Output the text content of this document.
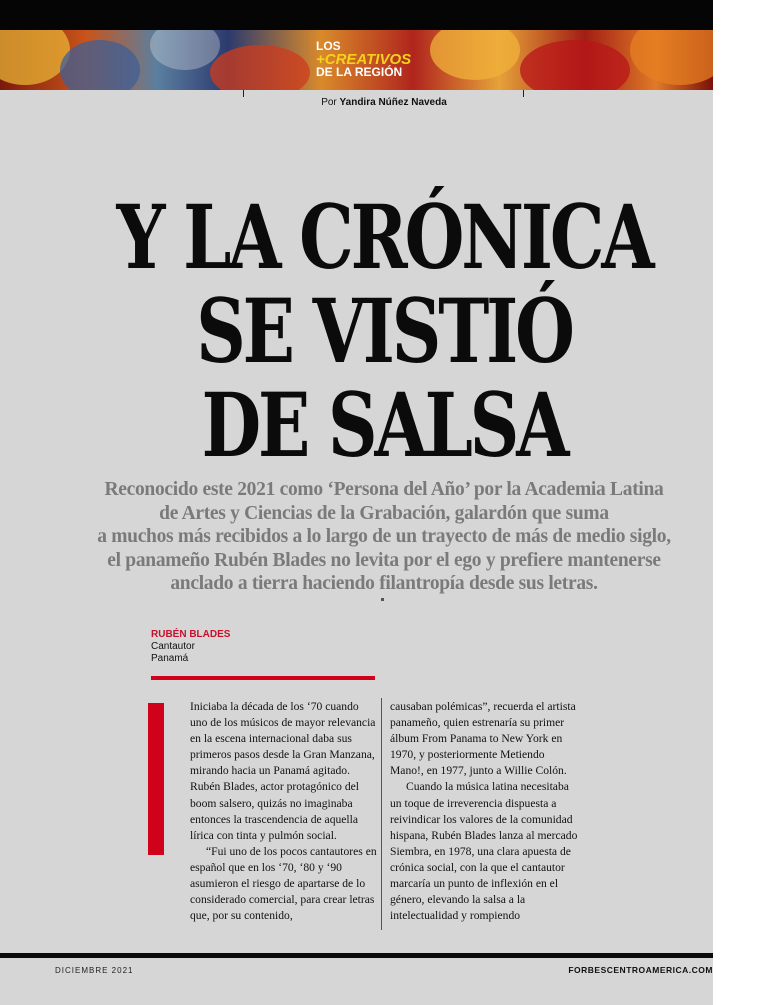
LOS
+CREATIVOS
DE LA REGIÓN
Por Yandira Núñez Naveda
Y LA CRÓNICA
SE VISTIÓ
DE SALSA
Reconocido este 2021 como ‘Persona del Año’ por la Academia Latina
de Artes y Ciencias de la Grabación, galardón que suma
a muchos más recibidos a lo largo de un trayecto de más de medio siglo,
el panameño Rubén Blades no levita por el ego y prefiere mantenerse
anclado a tierra haciendo filantropía desde sus letras.
RUBÉN BLADES
Cantautor
Panamá

Iniciaba la década de los ‘70 cuando uno de los músicos de mayor relevancia en la escena internacional daba sus primeros pasos desde la Gran Manzana, mirando hacia un Panamá agitado. Rubén Blades, actor protagónico del boom salsero, quizás no imaginaba entonces la trascendencia de aquella lírica con tinta y pulmón social.

“Fui uno de los pocos cantautores en español que en los ‘70, ‘80 y ‘90 asumieron el riesgo de apartarse de lo considerado comercial, para crear letras que, por su contenido,

causaban polémicas”, recuerda el artista panameño, quien estrenaría su primer álbum From Panama to New York en 1970, y posteriormente Metiendo Mano!, en 1977, junto a Willie Colón.

Cuando la música latina necesitaba un toque de irreverencia dispuesta a reivindicar los valores de la comunidad hispana, Rubén Blades lanza al mercado Siembra, en 1978, una clara apuesta de crónica social, con la que el cantautor marcaría un punto de inflexión en el género, elevando la salsa a la intelectualidad y rompiendo

DICIEMBRE 2021	FORBESCENTROAMERICA.COM
